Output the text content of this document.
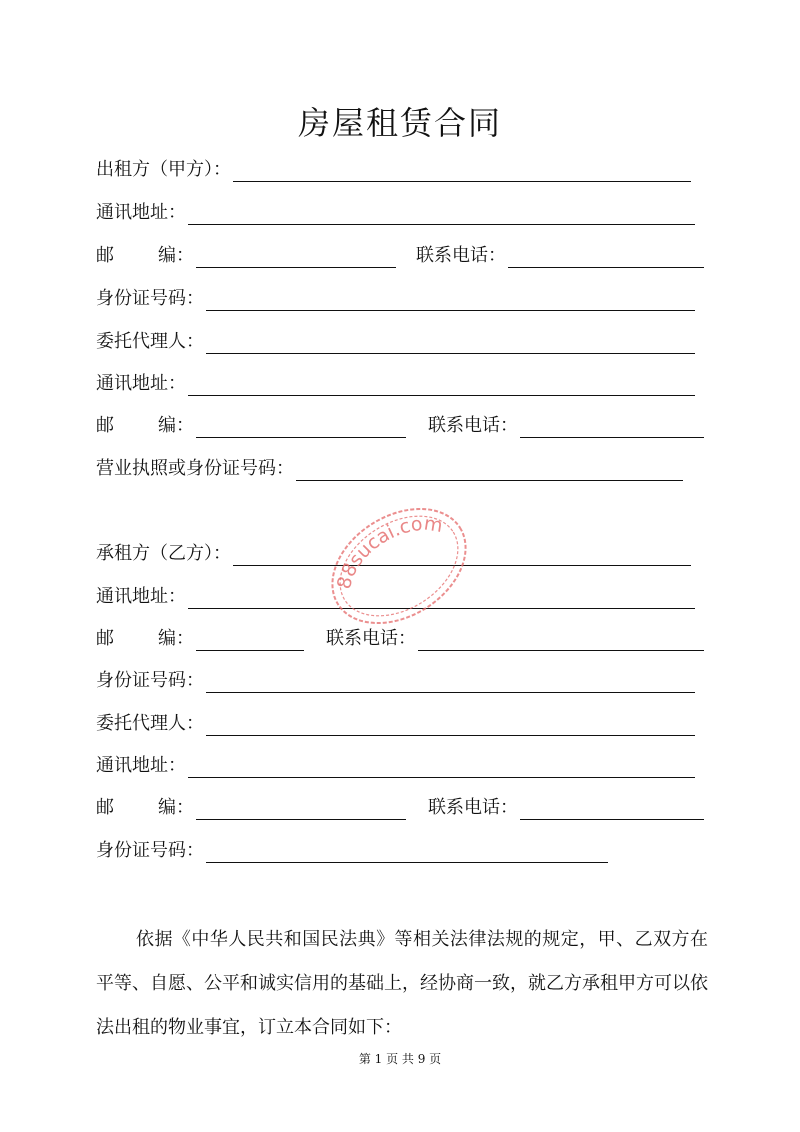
房屋租赁合同
出租方（甲方）：
通讯地址：
邮 编：	联系电话：
身份证号码：
委托代理人：
通讯地址：
邮 编：	联系电话：
营业执照或身份证号码：
承租方（乙方）：
通讯地址：
邮 编：	联系电话：
身份证号码：
委托代理人：
通讯地址：
邮 编：	联系电话：
身份证号码：

依据《中华人民共和国民法典》等相关法律法规的规定，甲、乙双方在平等、自愿、公平和诚实信用的基础上，经协商一致，就乙方承租甲方可以依法出租的物业事宜，订立本合同如下：

第 1 页 共 9 页
88sucai.com
